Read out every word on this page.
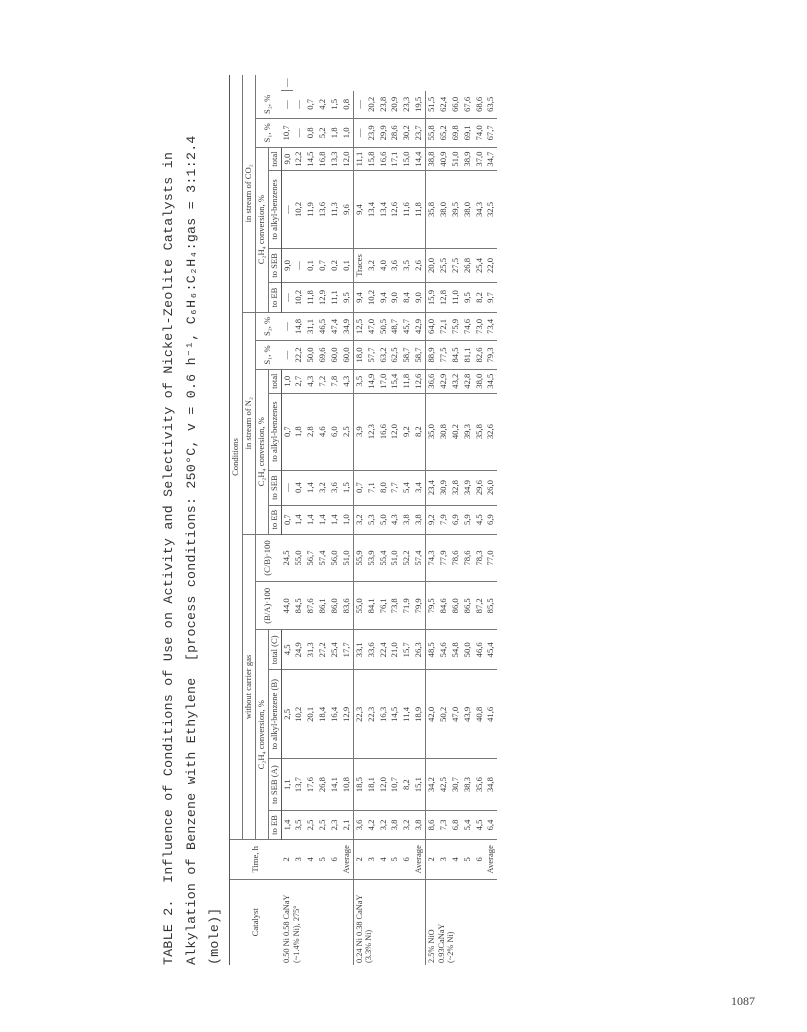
TABLE 2.  Influence of Conditions of Use on Activity and Selectivity of Nickel-Zeolite Catalysts in Alkylation of Benzene with Ethylene  [process conditions: 250°C, v = 0.6 h⁻¹, C₆H₆:C₂H₄:gas = 3:1:2.4 (mole)]	Catalyst	Time, h	Conditions																		
		without carrier gas						in stream of N₂						in stream of CO₂						
		C₂H₄ conversion, %				(B/A)·100	(C/B)·100	C₂H₄ conversion, %				S₁, %	S₂, %	C₂H₄ conversion, %				S₁, %	S₂, %
		to EB	to SEB (A)	to alkyl-benzene (B)	total (C)			to EB	to SEB	to alkyl-benzenes	total			to EB	to SEB	to alkyl-benzenes	total			
0.50 Ni 0.58 CaNaY
(~1.4% Ni), 275°	2	1,4	1,1	2,5	4,5	44,0	24,5	0,7	—	0,7	1,0	—	—	—	9,0	—	9,0	10,7	—	—
	3	3,5	13,7	10,2	24,9	84,5	55,0	1,4	0,4	1,8	2,7	22,2	14,8	10,2	—	10,2	12,2	—	—	
	4	2,5	17,6	20,1	31,3	87,6	56,7	1,4	1,4	2,8	4,3	50,0	31,1	11,8	0,1	11,9	14,5	0,8	0,7	
	5	2,5	26,8	18,4	27,2	86,1	57,4	1,4	3,2	4,6	7,2	69,6	46,5	12,9	0,7	13,6	16,8	5,2	4,2	
	6	2,3	14,1	16,4	25,4	86,0	56,0	1,4	3,6	6,0	7,8	60,0	47,4	11,1	0,2	11,3	13,3	1,8	1,5	
	Average	2,1	10,8	12,9	17,7	83,6	51,0	1,0	1,5	2,5	4,3	60,0	34,9	9,5	0,1	9,6	12,0	1,0	0,8	
0.24 Ni 0.38 CaNaY
(3.3% Ni)	2	3,6	18,5	22,3	33,1	55,0	55,9	3,2	0,7	3,9	3,5	18,0	12,5	9,4	Traces	9,4	11,1	—	—	
	3	4,2	18,1	22,3	33,6	84,1	53,9	5,3	7,1	12,3	14,9	57,7	47,0	10,2	3,2	13,4	15,8	23,9	20,2	
	4	3,2	12,0	16,3	22,4	76,1	55,4	5,0	8,0	16,6	17,0	63,2	50,5	9,4	4,0	13,4	16,6	29,9	23,8	
	5	3,8	10,7	14,5	21,0	73,8	51,0	4,3	7,7	12,0	15,4	62,5	48,7	9,0	3,6	12,6	17,1	28,6	20,9	
	6	3,2	8,2	11,4	15,7	71,9	52,2	3,8	5,4	9,2	11,8	58,7	45,7	8,4	3,5	11,6	15,0	30,2	23,3	
	Average	3,8	15,1	18,9	26,3	79,9	57,4	3,8	3,4	8,2	12,6	58,7	42,9	9,0	2,6	11,8	14,4	23,7	19,5	
2.5% NiO
0.93CaNaY
(~2% Ni)	2	8,6	34,2	42,0	48,5	79,5	74,3	9,2	23,4	35,0	36,6	88,9	64,0	15,9	20,0	35,8	38,8	55,8	51,5	
	3	7,3	42,5	50,2	54,6	84,6	77,9	7,9	30,9	30,8	42,9	77,5	72,1	12,8	25,5	38,0	40,9	65,2	62,4	
	4	6,8	30,7	47,0	54,8	86,0	78,6	6,9	32,8	40,2	43,2	84,5	75,9	11,0	27,5	39,5	51,0	69,8	66,0	
	5	5,4	38,3	43,9	50,0	86,5	78,6	5,9	34,9	39,3	42,8	81,1	74,6	9,5	26,8	38,0	38,9	69,1	67,6	
	6	4,5	35,6	40,8	46,6	87,2	78,3	4,5	29,6	35,8	38,0	82,6	73,0	8,2	25,4	34,3	37,0	74,0	68,6	
	Average	6,4	34,8	41,6	45,4	85,5	77,0	6,9	26,0	32,6	34,5	79,3	73,4	9,7	22,0	32,5	34,7	67,7	63,5	
1087
